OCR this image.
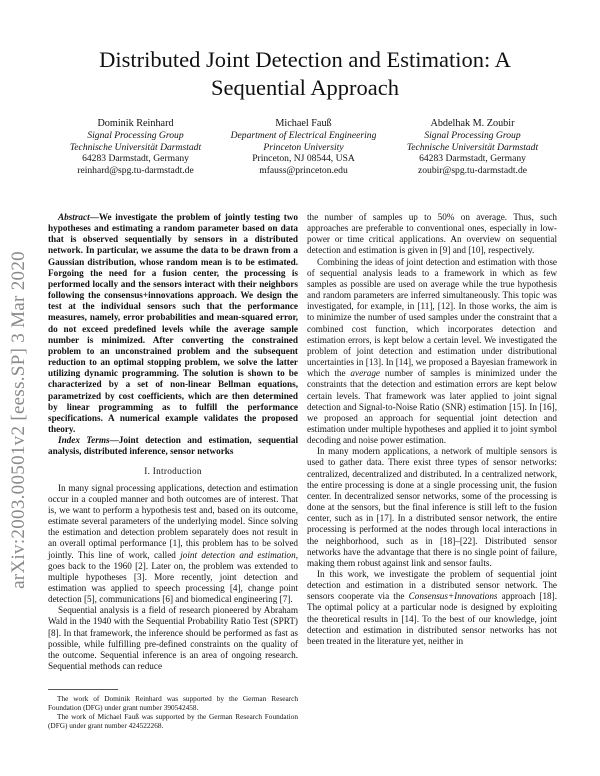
arXiv:2003.00501v2 [eess.SP] 3 Mar 2020
Distributed Joint Detection and Estimation: A
Sequential Approach
Dominik Reinhard
Signal Processing Group
Technische Universität Darmstadt
64283 Darmstadt, Germany
reinhard@spg.tu-darmstadt.de
Michael Fauß
Department of Electrical Engineering
Princeton University
Princeton, NJ 08544, USA
mfauss@princeton.edu
Abdelhak M. Zoubir
Signal Processing Group
Technische Universität Darmstadt
64283 Darmstadt, Germany
zoubir@spg.tu-darmstadt.de

Abstract—We investigate the problem of jointly testing two hypotheses and estimating a random parameter based on data that is observed sequentially by sensors in a distributed network. In particular, we assume the data to be drawn from a Gaussian distribution, whose random mean is to be estimated. Forgoing the need for a fusion center, the processing is performed locally and the sensors interact with their neighbors following the consensus+innovations approach. We design the test at the individual sensors such that the performance measures, namely, error probabilities and mean-squared error, do not exceed predefined levels while the average sample number is minimized. After converting the constrained problem to an unconstrained problem and the subsequent reduction to an optimal stopping problem, we solve the latter utilizing dynamic programming. The solution is shown to be characterized by a set of non-linear Bellman equations, parametrized by cost coefficients, which are then determined by linear programming as to fulfill the performance specifications. A numerical example validates the proposed theory.

Index Terms—Joint detection and estimation, sequential analysis, distributed inference, sensor networks

I. Introduction

In many signal processing applications, detection and estimation occur in a coupled manner and both outcomes are of interest. That is, we want to perform a hypothesis test and, based on its outcome, estimate several parameters of the underlying model. Since solving the estimation and detection problem separately does not result in an overall optimal performance [1], this problem has to be solved jointly. This line of work, called joint detection and estimation, goes back to the 1960 [2]. Later on, the problem was extended to multiple hypotheses [3]. More recently, joint detection and estimation was applied to speech processing [4], change point detection [5], communications [6] and biomedical engineering [7].

Sequential analysis is a field of research pioneered by Abraham Wald in the 1940 with the Sequential Probability Ratio Test (SPRT) [8]. In that framework, the inference should be performed as fast as possible, while fulfilling pre-defined constraints on the quality of the outcome. Sequential inference is an area of ongoing research. Sequential methods can reduce

The work of Dominik Reinhard was supported by the German Research Foundation (DFG) under grant number 390542458.

The work of Michael Fauß was supported by the German Research Foundation (DFG) under grant number 424522268.

the number of samples up to 50% on average. Thus, such approaches are preferable to conventional ones, especially in low-power or time critical applications. An overview on sequential detection and estimation is given in [9] and [10], respectively.

Combining the ideas of joint detection and estimation with those of sequential analysis leads to a framework in which as few samples as possible are used on average while the true hypothesis and random parameters are inferred simultaneously. This topic was investigated, for example, in [11], [12]. In those works, the aim is to minimize the number of used samples under the constraint that a combined cost function, which incorporates detection and estimation errors, is kept below a certain level. We investigated the problem of joint detection and estimation under distributional uncertainties in [13]. In [14], we proposed a Bayesian framework in which the average number of samples is minimized under the constraints that the detection and estimation errors are kept below certain levels. That framework was later applied to joint signal detection and Signal-to-Noise Ratio (SNR) estimation [15]. In [16], we proposed an approach for sequential joint detection and estimation under multiple hypotheses and applied it to joint symbol decoding and noise power estimation.

In many modern applications, a network of multiple sensors is used to gather data. There exist three types of sensor networks: centralized, decentralized and distributed. In a centralized network, the entire processing is done at a single processing unit, the fusion center. In decentralized sensor networks, some of the processing is done at the sensors, but the final inference is still left to the fusion center, such as in [17]. In a distributed sensor network, the entire processing is performed at the nodes through local interactions in the neighborhood, such as in [18]–[22]. Distributed sensor networks have the advantage that there is no single point of failure, making them robust against link and sensor faults.

In this work, we investigate the problem of sequential joint detection and estimation in a distributed sensor network. The sensors cooperate via the Consensus+Innovations approach [18]. The optimal policy at a particular node is designed by exploiting the theoretical results in [14]. To the best of our knowledge, joint detection and estimation in distributed sensor networks has not been treated in the literature yet, neither in
